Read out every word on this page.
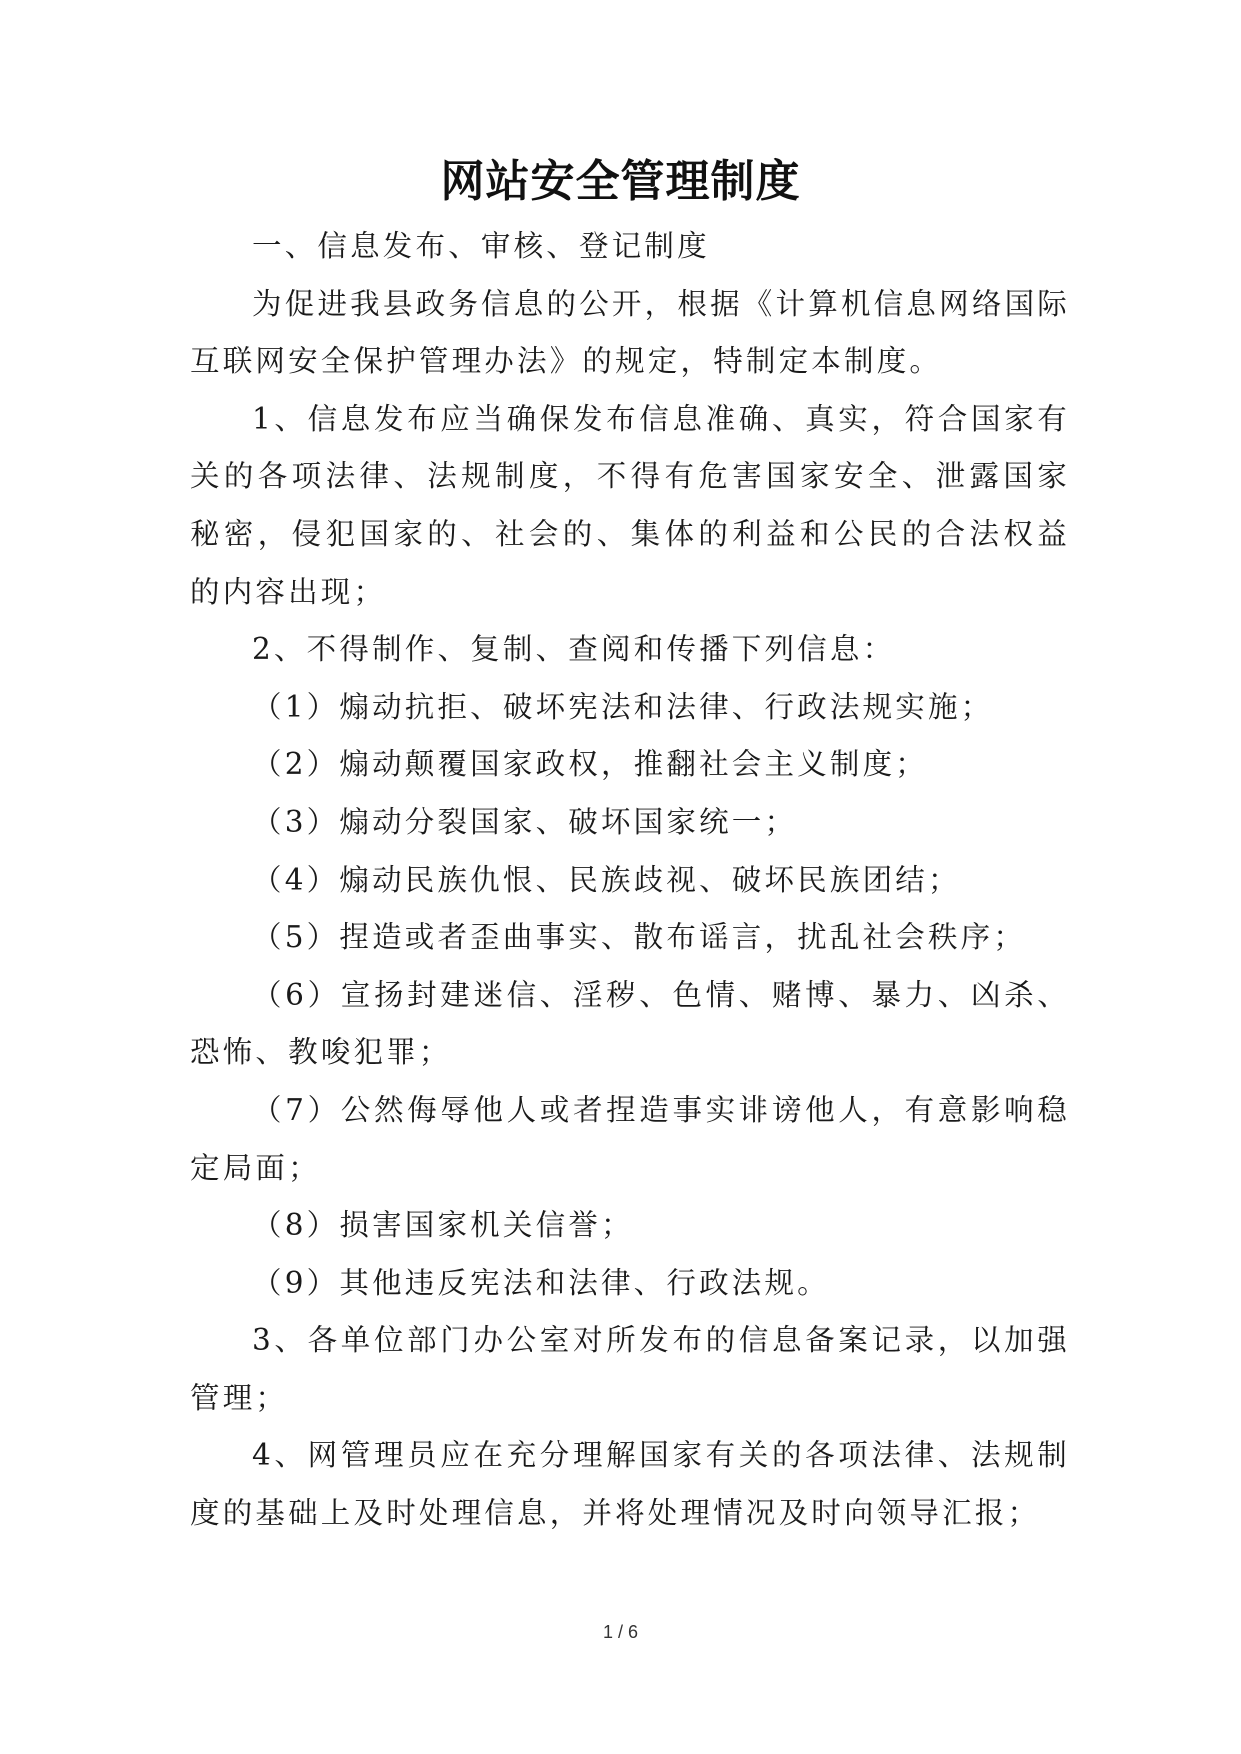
网站安全管理制度

一、信息发布、审核、登记制度

为促进我县政务信息的公开，根据《计算机信息网络国际互联网安全保护管理办法》的规定，特制定本制度。

1、信息发布应当确保发布信息准确、真实，符合国家有关的各项法律、法规制度，不得有危害国家安全、泄露国家秘密，侵犯国家的、社会的、集体的利益和公民的合法权益的内容出现；

2、不得制作、复制、查阅和传播下列信息：

（1）煽动抗拒、破坏宪法和法律、行政法规实施；

（2）煽动颠覆国家政权，推翻社会主义制度；

（3）煽动分裂国家、破坏国家统一；

（4）煽动民族仇恨、民族歧视、破坏民族团结；

（5）捏造或者歪曲事实、散布谣言，扰乱社会秩序；

（6）宣扬封建迷信、淫秽、色情、赌博、暴力、凶杀、恐怖、教唆犯罪；

（7）公然侮辱他人或者捏造事实诽谤他人，有意影响稳定局面；

（8）损害国家机关信誉；

（9）其他违反宪法和法律、行政法规。

3、各单位部门办公室对所发布的信息备案记录，以加强管理；

4、网管理员应在充分理解国家有关的各项法律、法规制度的基础上及时处理信息，并将处理情况及时向领导汇报；

1 / 6
